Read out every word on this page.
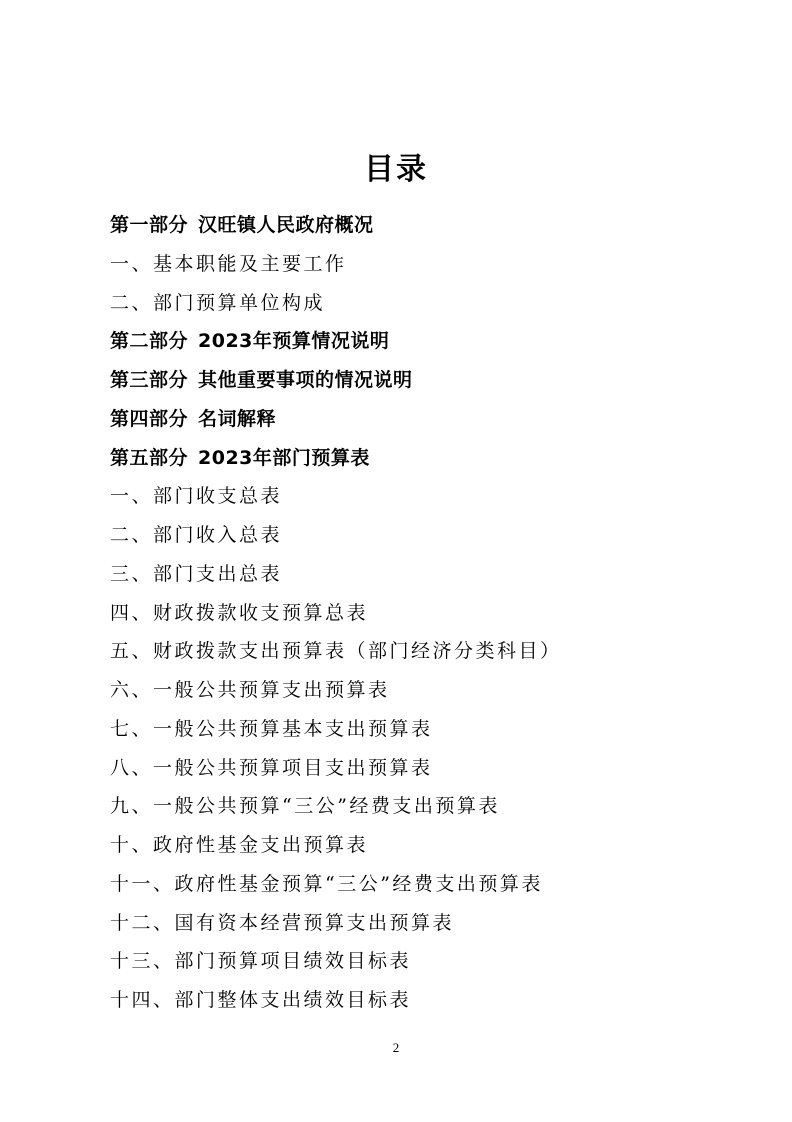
目录
第一部分 汉旺镇人民政府概况
一、基本职能及主要工作
二、部门预算单位构成
第二部分 2023年预算情况说明
第三部分 其他重要事项的情况说明
第四部分 名词解释
第五部分 2023年部门预算表
一、部门收支总表
二、部门收入总表
三、部门支出总表
四、财政拨款收支预算总表
五、财政拨款支出预算表（部门经济分类科目）
六、一般公共预算支出预算表
七、一般公共预算基本支出预算表
八、一般公共预算项目支出预算表
九、一般公共预算“三公”经费支出预算表
十、政府性基金支出预算表
十一、政府性基金预算“三公”经费支出预算表
十二、国有资本经营预算支出预算表
十三、部门预算项目绩效目标表
十四、部门整体支出绩效目标表
2
